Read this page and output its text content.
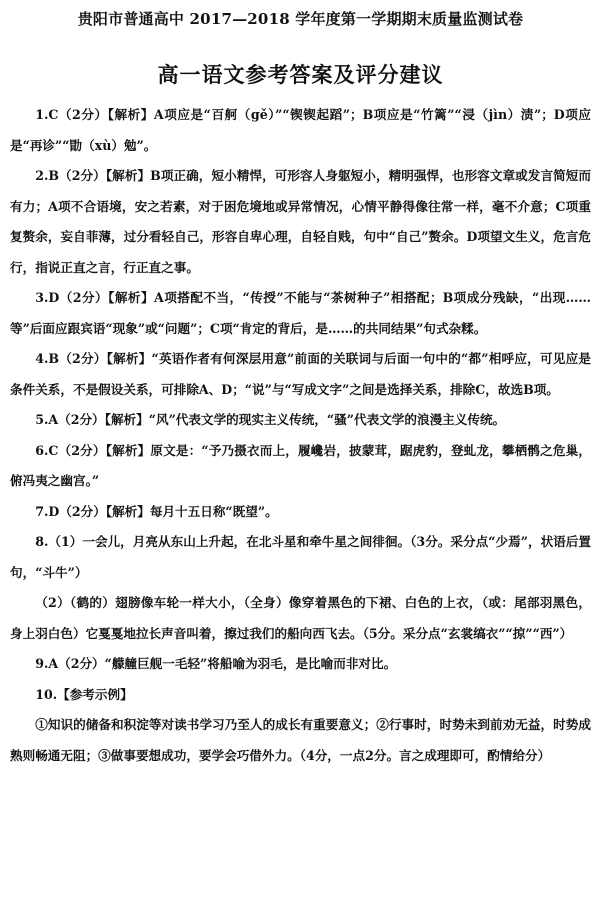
贵阳市普通高中 2017—2018 学年度第一学期期末质量监测试卷
高一语文参考答案及评分建议

1.C（2分）【解析】A项应是“百舸（gě）”“锲锲起蹈”；B项应是“竹篱”“浸（jìn）渍”；D项应是“再诊”“勖（xù）勉”。

2.B（2分）【解析】B项正确，短小精悍，可形容人身躯短小，精明强悍，也形容文章或发言简短而有力；A项不合语境，安之若素，对于困危境地或异常情况，心情平静得像往常一样，毫不介意；C项重复赘余，妄自菲薄，过分看轻自己，形容自卑心理，自轻自贱，句中“自己”赘余。D项望文生义，危言危行，指说正直之言，行正直之事。

3.D（2分）【解析】A项搭配不当，“传授”不能与“茶树种子”相搭配；B项成分残缺，“出现……等”后面应跟宾语“现象”或“问题”；C项“肯定的背后，是……的共同结果”句式杂糅。

4.B（2分）【解析】“英语作者有何深层用意”前面的关联词与后面一句中的“都”相呼应，可见应是条件关系，不是假设关系，可排除A、D；“说”与“写成文字”之间是选择关系，排除C，故选B项。

5.A（2分）【解析】“风”代表文学的现实主义传统，“骚”代表文学的浪漫主义传统。

6.C（2分）【解析】原文是：“予乃摄衣而上，履巉岩，披蒙茸，踞虎豹，登虬龙，攀栖鹘之危巢，俯冯夷之幽宫。”

7.D（2分）【解析】每月十五日称“既望”。

8.（1）一会儿，月亮从东山上升起，在北斗星和牵牛星之间徘徊。（3分。采分点“少焉”，状语后置句，“斗牛”）

（2）（鹤的）翅膀像车轮一样大小，（全身）像穿着黑色的下裙、白色的上衣，（或：尾部羽黑色，身上羽白色）它戛戛地拉长声音叫着，擦过我们的船向西飞去。（5分。采分点“玄裳缟衣”“掠”“西”）

9.A（2分）“艨艟巨舰一毛轻”将船喻为羽毛，是比喻而非对比。

10.【参考示例】

①知识的储备和积淀等对读书学习乃至人的成长有重要意义；②行事时，时势未到前劝无益，时势成熟则畅通无阻；③做事要想成功，要学会巧借外力。（4分，一点2分。言之成理即可，酌情给分）
